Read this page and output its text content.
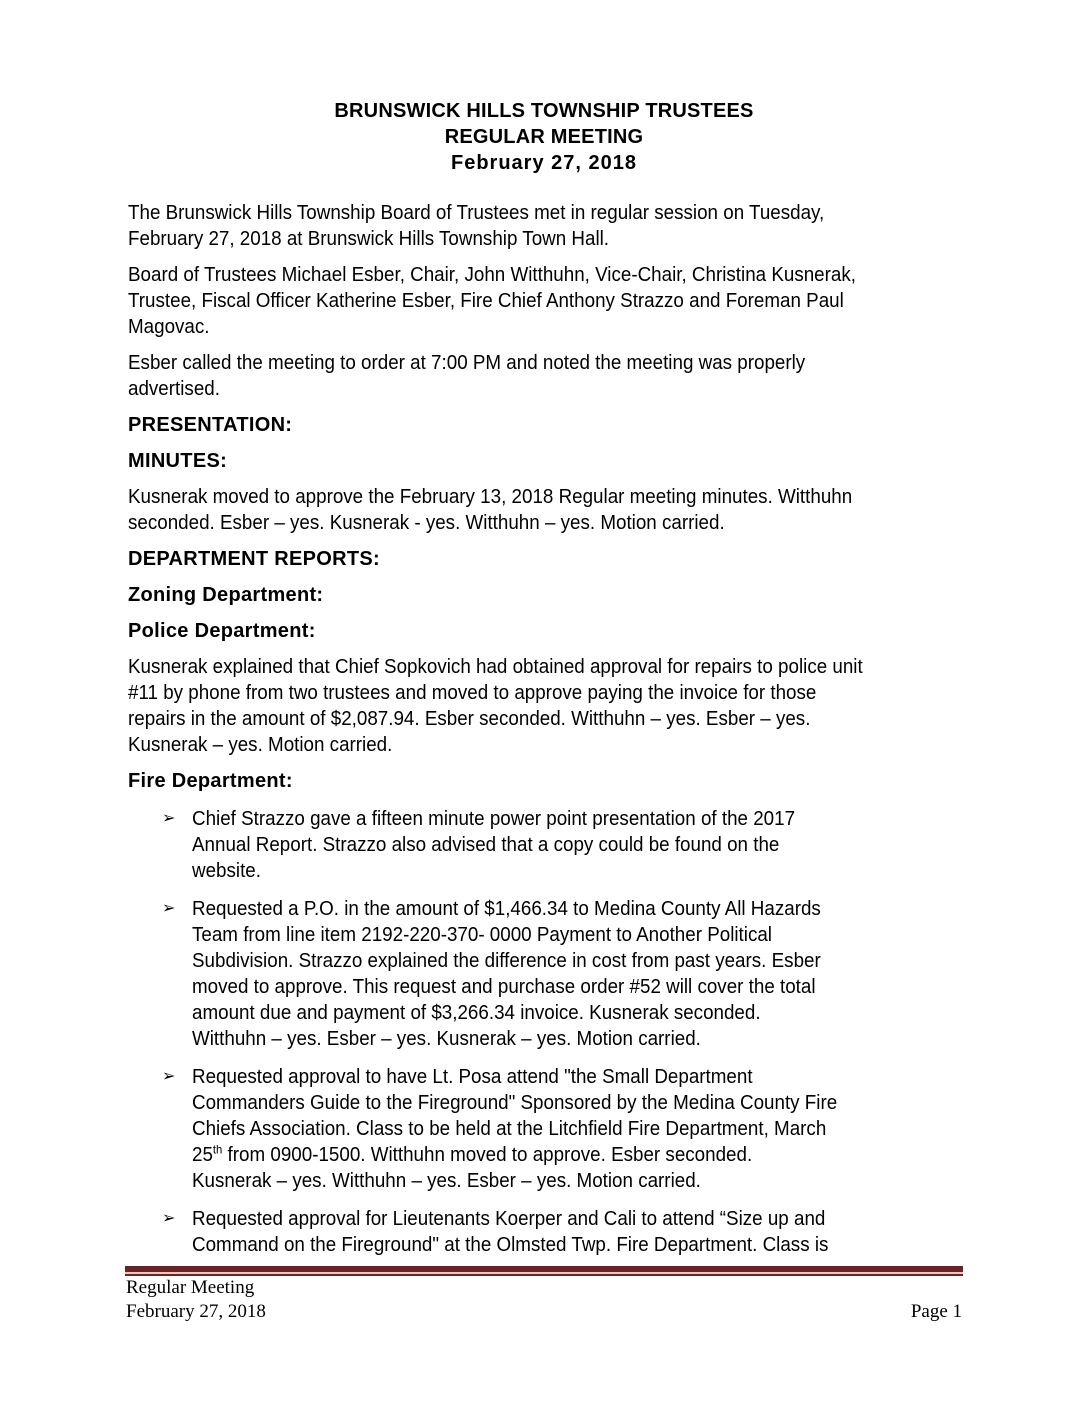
BRUNSWICK HILLS TOWNSHIP TRUSTEES
REGULAR MEETING
February 27, 2018

The Brunswick Hills Township Board of Trustees met in regular session on Tuesday,
February 27, 2018 at Brunswick Hills Township Town Hall.

Board of Trustees Michael Esber, Chair, John Witthuhn, Vice-Chair, Christina Kusnerak,
Trustee, Fiscal Officer Katherine Esber, Fire Chief Anthony Strazzo and Foreman Paul
Magovac.

Esber called the meeting to order at 7:00 PM and noted the meeting was properly
advertised.

PRESENTATION:
MINUTES:

Kusnerak moved to approve the February 13, 2018 Regular meeting minutes. Witthuhn
seconded. Esber – yes. Kusnerak - yes. Witthuhn – yes. Motion carried.

DEPARTMENT REPORTS:
Zoning Department:
Police Department:

Kusnerak explained that Chief Sopkovich had obtained approval for repairs to police unit
#11 by phone from two trustees and moved to approve paying the invoice for those
repairs in the amount of $2,087.94. Esber seconded. Witthuhn – yes. Esber – yes.
Kusnerak – yes. Motion carried.

Fire Department:
➢ Chief Strazzo gave a fifteen minute power point presentation of the 2017
Annual Report. Strazzo also advised that a copy could be found on the
website.
➢ Requested a P.O. in the amount of $1,466.34 to Medina County All Hazards
Team from line item 2192-220-370- 0000 Payment to Another Political
Subdivision. Strazzo explained the difference in cost from past years. Esber
moved to approve. This request and purchase order #52 will cover the total
amount due and payment of $3,266.34 invoice. Kusnerak seconded.
Witthuhn – yes. Esber – yes. Kusnerak – yes. Motion carried.
➢ Requested approval to have Lt. Posa attend "the Small Department
Commanders Guide to the Fireground" Sponsored by the Medina County Fire
Chiefs Association. Class to be held at the Litchfield Fire Department, March
25th from 0900-1500. Witthuhn moved to approve. Esber seconded.
Kusnerak – yes. Witthuhn – yes. Esber – yes. Motion carried.
➢ Requested approval for Lieutenants Koerper and Cali to attend “Size up and
Command on the Fireground" at the Olmsted Twp. Fire Department. Class is
Regular Meeting
February 27, 2018	Page 1
